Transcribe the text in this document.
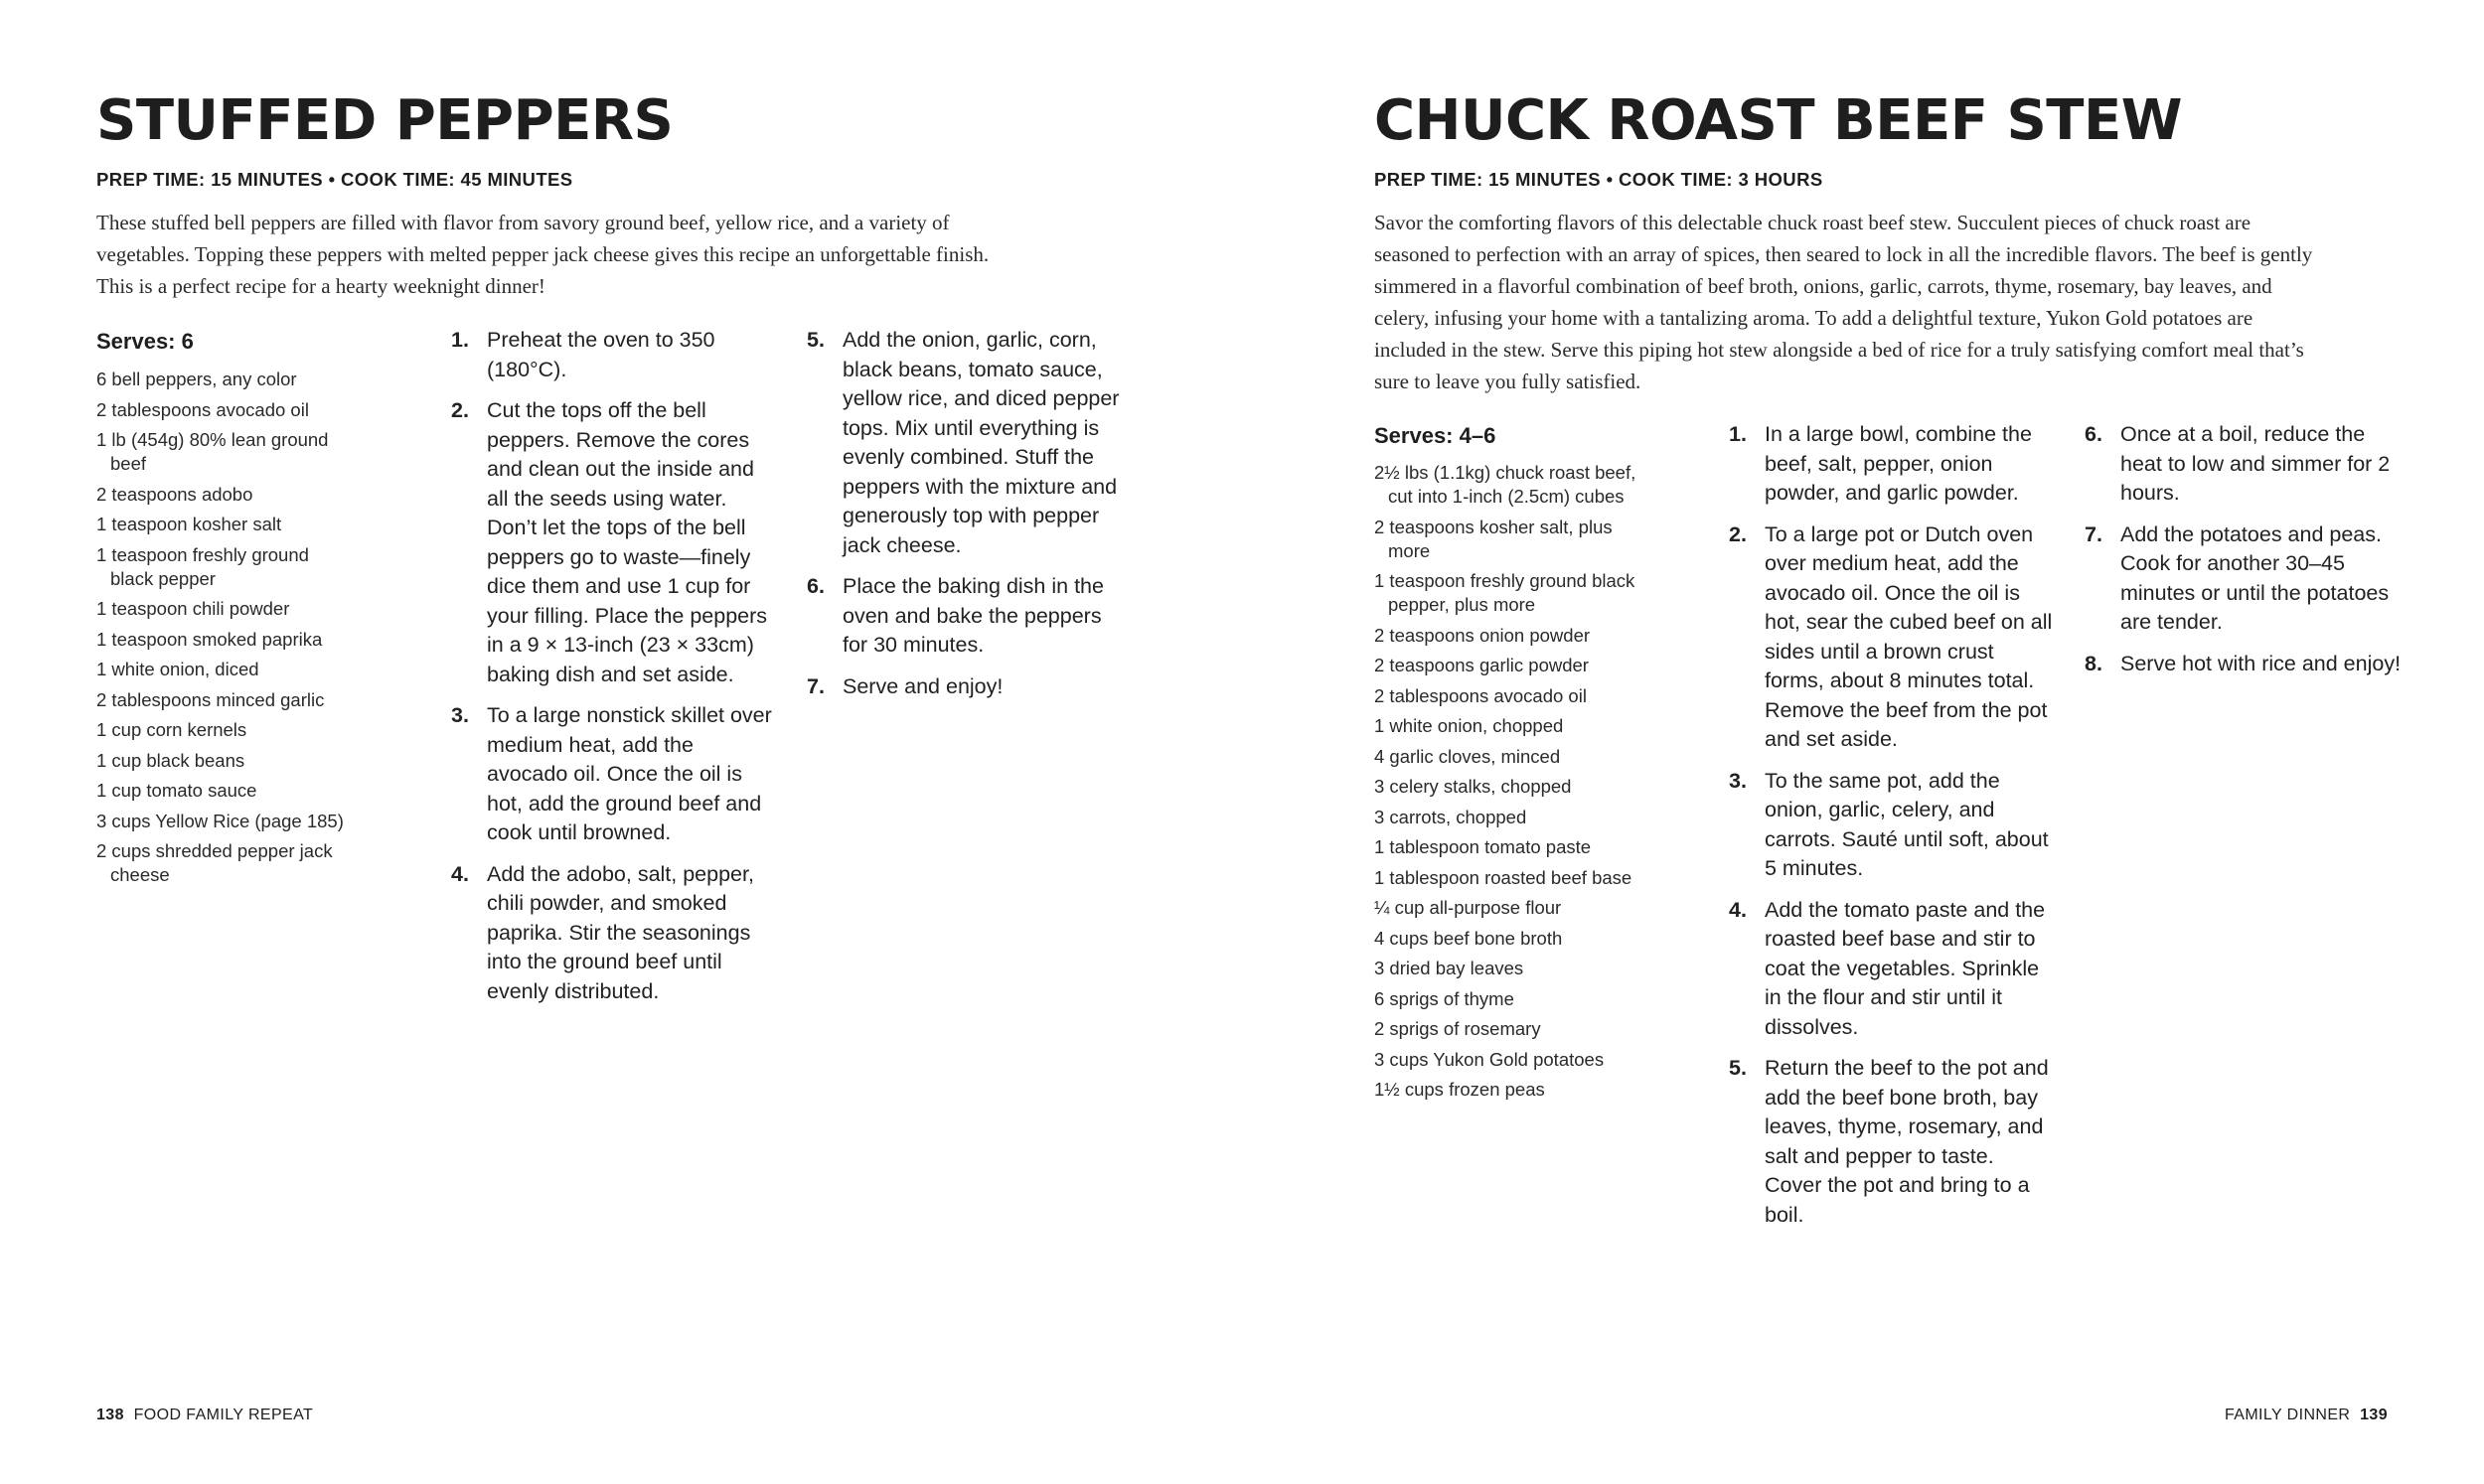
STUFFED PEPPERS

PREP TIME: 15 MINUTES • COOK TIME: 45 MINUTES

These stuffed bell peppers are filled with flavor from savory ground beef, yellow rice, and a variety of vegetables. Topping these peppers with melted pepper jack cheese gives this recipe an unforgettable finish. This is a perfect recipe for a hearty weeknight dinner!

Serves: 6

6 bell peppers, any color
2 tablespoons avocado oil
1 lb (454g) 80% lean ground beef
2 teaspoons adobo
1 teaspoon kosher salt
1 teaspoon freshly ground black pepper
1 teaspoon chili powder
1 teaspoon smoked paprika
1 white onion, diced
2 tablespoons minced garlic
1 cup corn kernels
1 cup black beans
1 cup tomato sauce
3 cups Yellow Rice (page 185)
2 cups shredded pepper jack cheese
1. Preheat the oven to 350 (180°C).
2. Cut the tops off the bell peppers. Remove the cores and clean out the inside and all the seeds using water. Don’t let the tops of the bell peppers go to waste—finely dice them and use 1 cup for your filling. Place the peppers in a 9 × 13-inch (23 × 33cm) baking dish and set aside.
3. To a large nonstick skillet over medium heat, add the avocado oil. Once the oil is hot, add the ground beef and cook until browned.
4. Add the adobo, salt, pepper, chili powder, and smoked paprika. Stir the seasonings into the ground beef until evenly distributed.
5. Add the onion, garlic, corn, black beans, tomato sauce, yellow rice, and diced pepper tops. Mix until everything is evenly combined. Stuff the peppers with the mixture and generously top with pepper jack cheese.
6. Place the baking dish in the oven and bake the peppers for 30 minutes.
7. Serve and enjoy!
138 FOOD FAMILY REPEAT
CHUCK ROAST BEEF STEW

PREP TIME: 15 MINUTES • COOK TIME: 3 HOURS

Savor the comforting flavors of this delectable chuck roast beef stew. Succulent pieces of chuck roast are seasoned to perfection with an array of spices, then seared to lock in all the incredible flavors. The beef is gently simmered in a flavorful combination of beef broth, onions, garlic, carrots, thyme, rosemary, bay leaves, and celery, infusing your home with a tantalizing aroma. To add a delightful texture, Yukon Gold potatoes are included in the stew. Serve this piping hot stew alongside a bed of rice for a truly satisfying comfort meal that’s sure to leave you fully satisfied.

Serves: 4–6

2½ lbs (1.1kg) chuck roast beef, cut into 1-inch (2.5cm) cubes
2 teaspoons kosher salt, plus more
1 teaspoon freshly ground black pepper, plus more
2 teaspoons onion powder
2 teaspoons garlic powder
2 tablespoons avocado oil
1 white onion, chopped
4 garlic cloves, minced
3 celery stalks, chopped
3 carrots, chopped
1 tablespoon tomato paste
1 tablespoon roasted beef base
¼ cup all-purpose flour
4 cups beef bone broth
3 dried bay leaves
6 sprigs of thyme
2 sprigs of rosemary
3 cups Yukon Gold potatoes
1½ cups frozen peas
1. In a large bowl, combine the beef, salt, pepper, onion powder, and garlic powder.
2. To a large pot or Dutch oven over medium heat, add the avocado oil. Once the oil is hot, sear the cubed beef on all sides until a brown crust forms, about 8 minutes total. Remove the beef from the pot and set aside.
3. To the same pot, add the onion, garlic, celery, and carrots. Sauté until soft, about 5 minutes.
4. Add the tomato paste and the roasted beef base and stir to coat the vegetables. Sprinkle in the flour and stir until it dissolves.
5. Return the beef to the pot and add the beef bone broth, bay leaves, thyme, rosemary, and salt and pepper to taste. Cover the pot and bring to a boil.
6. Once at a boil, reduce the heat to low and simmer for 2 hours.
7. Add the potatoes and peas. Cook for another 30–45 minutes or until the potatoes are tender.
8. Serve hot with rice and enjoy!
FAMILY DINNER 139
